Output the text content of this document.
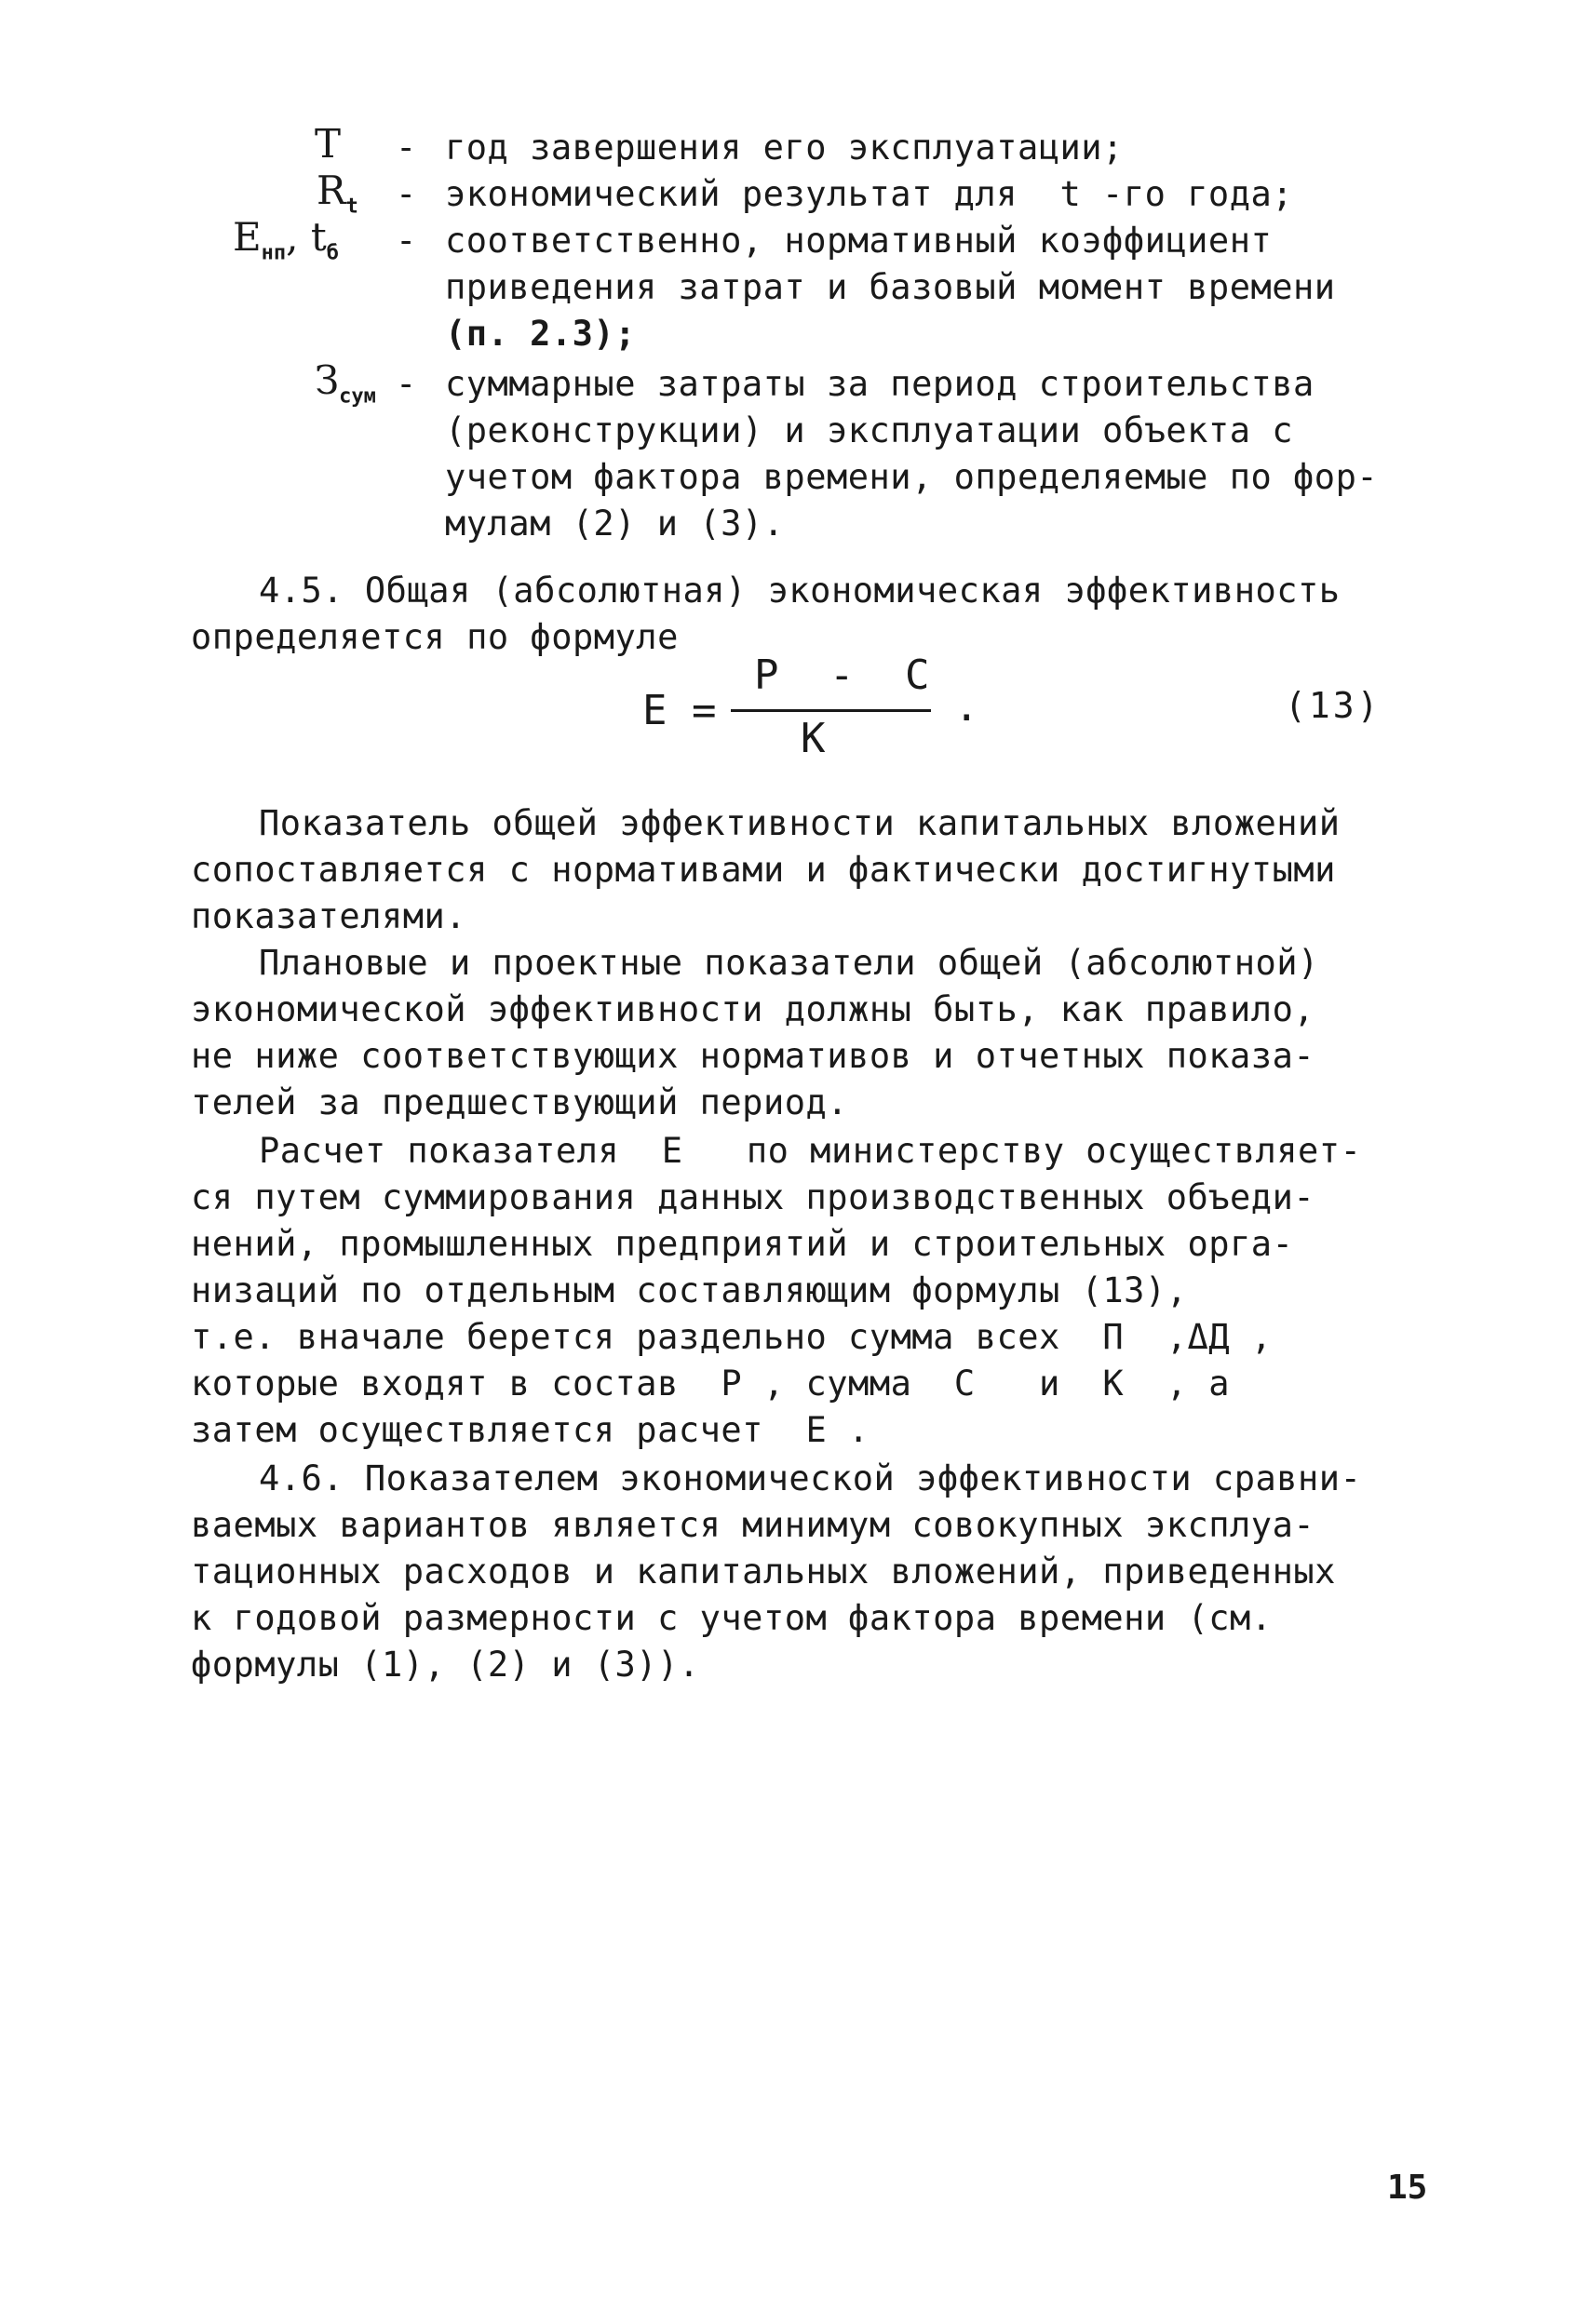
T - год завершения его эксплуатации;
$R_t$ - экономический результат для  t -го года;
$E_{нп}$, $t_б$ - соответственно, нормативный коэффициент
приведения затрат и базовый момент времени
(п. 2.3);
$З_{сум}$ - суммарные затраты за период строительства
(реконструкции) и эксплуатации объекта с
учетом фактора времени, определяемые по фор-
мулам (2) и (3).
4.5. Общая (абсолютная) экономическая эффективность
определяется по формуле
E =
P - C
K
.	(13)
Показатель общей эффективности капитальных вложений
сопоставляется с нормативами и фактически достигнутыми
показателями.
Плановые и проектные показатели общей (абсолютной)
экономической эффективности должны быть, как правило,
не ниже соответствующих нормативов и отчетных показа-
телей за предшествующий период.
Расчет показателя  E   по министерству осуществляет-
ся путем суммирования данных производственных объеди-
нений, промышленных предприятий и строительных орга-
низаций по отдельным составляющим формулы (13),
т.е. вначале берется раздельно сумма всех  П  ,ΔД ,
которые входят в состав  P , сумма  C   и  K  , а
затем осуществляется расчет  E .
4.6. Показателем экономической эффективности сравни-
ваемых вариантов является минимум совокупных эксплуа-
тационных расходов и капитальных вложений, приведенных
к годовой размерности с учетом фактора времени (см.
формулы (1), (2) и (3)).
15
